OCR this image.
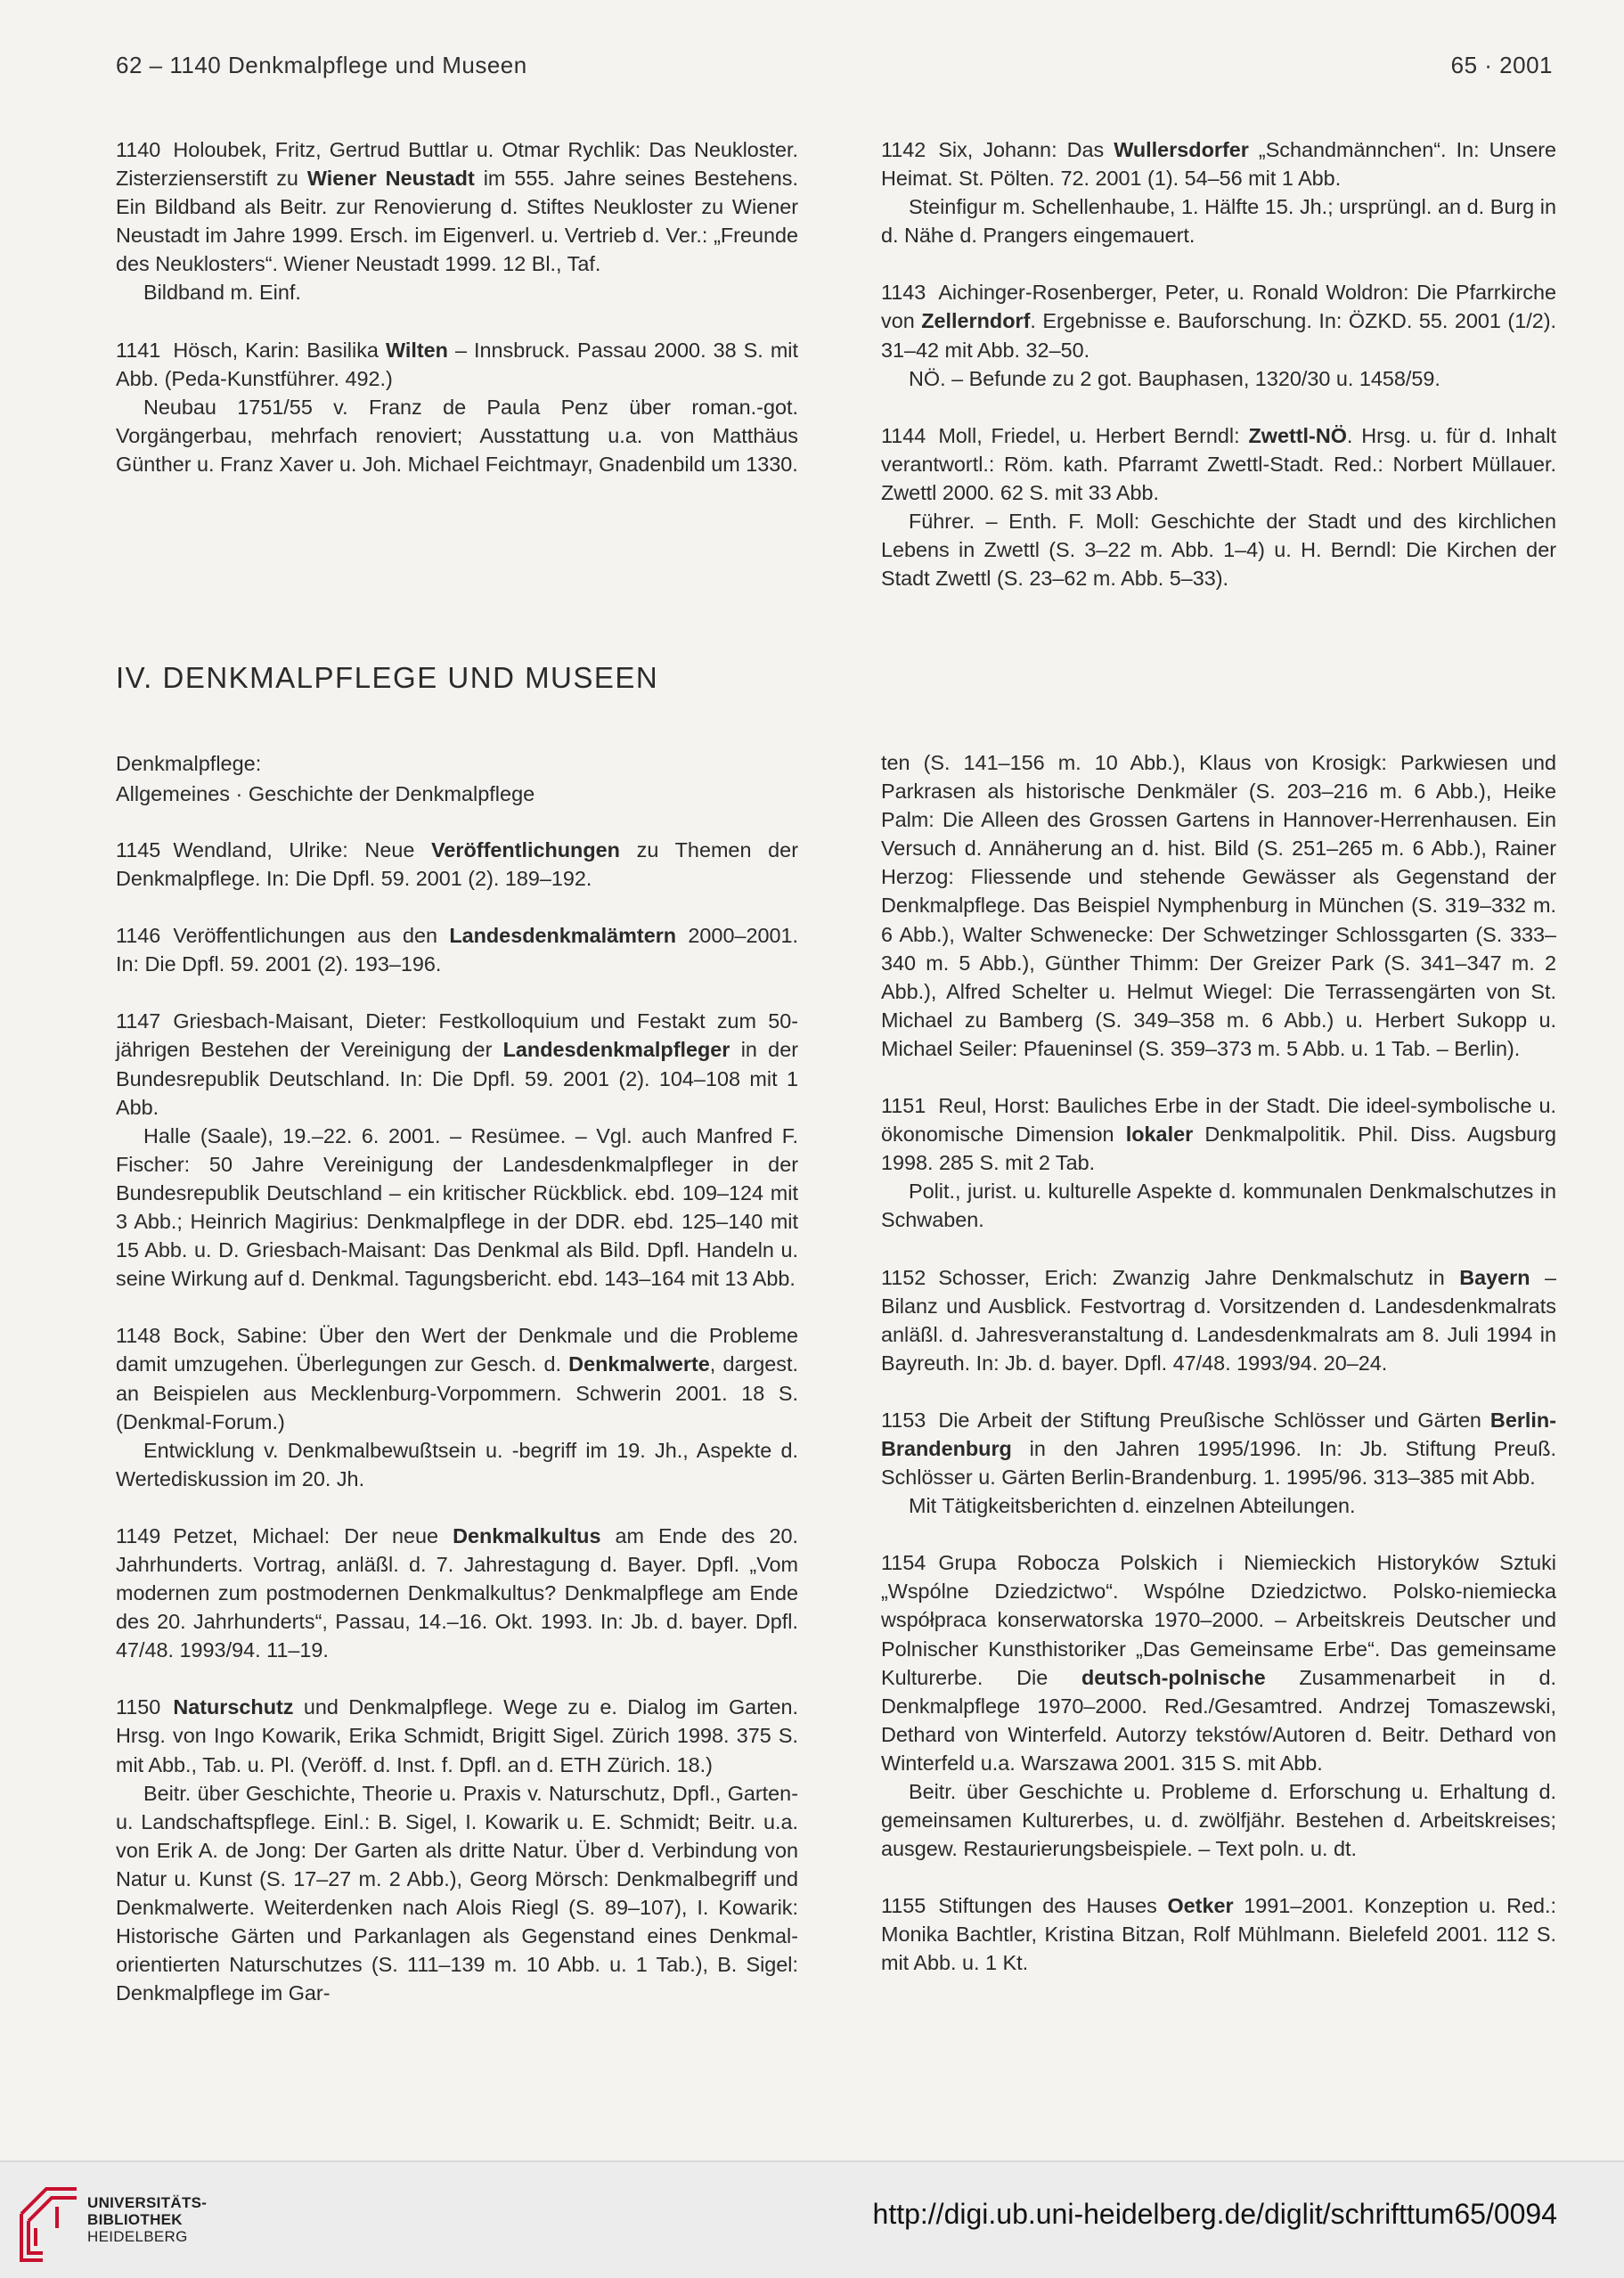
62 – 1140 Denkmalpflege und Museen	65 · 2001

1140 Holoubek, Fritz, Gertrud Buttlar u. Otmar Rychlik: Das Neukloster. Zisterzienserstift zu Wiener Neustadt im 555. Jahre seines Bestehens. Ein Bildband als Beitr. zur Renovierung d. Stiftes Neukloster zu Wiener Neustadt im Jahre 1999. Ersch. im Eigenverl. u. Vertrieb d. Ver.: „Freunde des Neuklosters“. Wiener Neustadt 1999. 12 Bl., Taf.

Bildband m. Einf.

1141 Hösch, Karin: Basilika Wilten – Innsbruck. Passau 2000. 38 S. mit Abb. (Peda-Kunstführer. 492.)

Neubau 1751/55 v. Franz de Paula Penz über roman.-got. Vorgängerbau, mehrfach renoviert; Ausstattung u.a. von Matthäus Günther u. Franz Xaver u. Joh. Michael Feichtmayr, Gnadenbild um 1330.

1142 Six, Johann: Das Wullersdorfer „Schandmännchen“. In: Unsere Heimat. St. Pölten. 72. 2001 (1). 54–56 mit 1 Abb.

Steinfigur m. Schellenhaube, 1. Hälfte 15. Jh.; ursprüngl. an d. Burg in d. Nähe d. Prangers eingemauert.

1143 Aichinger-Rosenberger, Peter, u. Ronald Woldron: Die Pfarrkirche von Zellerndorf. Ergebnisse e. Bauforschung. In: ÖZKD. 55. 2001 (1/2). 31–42 mit Abb. 32–50.

NÖ. – Befunde zu 2 got. Bauphasen, 1320/30 u. 1458/59.

1144 Moll, Friedel, u. Herbert Berndl: Zwettl-NÖ. Hrsg. u. für d. Inhalt verantwortl.: Röm. kath. Pfarramt Zwettl-Stadt. Red.: Norbert Müllauer. Zwettl 2000. 62 S. mit 33 Abb.

Führer. – Enth. F. Moll: Geschichte der Stadt und des kirchlichen Lebens in Zwettl (S. 3–22 m. Abb. 1–4) u. H. Berndl: Die Kirchen der Stadt Zwettl (S. 23–62 m. Abb. 5–33).

IV. DENKMALPFLEGE UND MUSEEN
Denkmalpflege:
Allgemeines · Geschichte der Denkmalpflege

1145 Wendland, Ulrike: Neue Veröffentlichungen zu Themen der Denkmalpflege. In: Die Dpfl. 59. 2001 (2). 189–192.

1146 Veröffentlichungen aus den Landesdenkmalämtern 2000–2001. In: Die Dpfl. 59. 2001 (2). 193–196.

1147 Griesbach-Maisant, Dieter: Festkolloquium und Festakt zum 50-jährigen Bestehen der Vereinigung der Landesdenkmalpfleger in der Bundesrepublik Deutschland. In: Die Dpfl. 59. 2001 (2). 104–108 mit 1 Abb.

Halle (Saale), 19.–22. 6. 2001. – Resümee. – Vgl. auch Manfred F. Fischer: 50 Jahre Vereinigung der Landesdenkmalpfleger in der Bundesrepublik Deutschland – ein kritischer Rückblick. ebd. 109–124 mit 3 Abb.; Heinrich Magirius: Denkmalpflege in der DDR. ebd. 125–140 mit 15 Abb. u. D. Griesbach-Maisant: Das Denkmal als Bild. Dpfl. Handeln u. seine Wirkung auf d. Denkmal. Tagungsbericht. ebd. 143–164 mit 13 Abb.

1148 Bock, Sabine: Über den Wert der Denkmale und die Probleme damit umzugehen. Überlegungen zur Gesch. d. Denkmalwerte, dargest. an Beispielen aus Mecklenburg-Vorpommern. Schwerin 2001. 18 S. (Denkmal-Forum.)

Entwicklung v. Denkmalbewußtsein u. -begriff im 19. Jh., Aspekte d. Wertediskussion im 20. Jh.

1149 Petzet, Michael: Der neue Denkmalkultus am Ende des 20. Jahrhunderts. Vortrag, anläßl. d. 7. Jahrestagung d. Bayer. Dpfl. „Vom modernen zum postmodernen Denkmalkultus? Denkmalpflege am Ende des 20. Jahrhunderts“, Passau, 14.–16. Okt. 1993. In: Jb. d. bayer. Dpfl. 47/48. 1993/94. 11–19.

1150 Naturschutz und Denkmalpflege. Wege zu e. Dialog im Garten. Hrsg. von Ingo Kowarik, Erika Schmidt, Brigitt Sigel. Zürich 1998. 375 S. mit Abb., Tab. u. Pl. (Veröff. d. Inst. f. Dpfl. an d. ETH Zürich. 18.)

Beitr. über Geschichte, Theorie u. Praxis v. Naturschutz, Dpfl., Garten- u. Landschaftspflege. Einl.: B. Sigel, I. Kowarik u. E. Schmidt; Beitr. u.a. von Erik A. de Jong: Der Garten als dritte Natur. Über d. Verbindung von Natur u. Kunst (S. 17–27 m. 2 Abb.), Georg Mörsch: Denkmalbegriff und Denkmalwerte. Weiterdenken nach Alois Riegl (S. 89–107), I. Kowarik: Historische Gärten und Parkanlagen als Gegenstand eines Denkmal-orientierten Naturschutzes (S. 111–139 m. 10 Abb. u. 1 Tab.), B. Sigel: Denkmalpflege im Gar-

ten (S. 141–156 m. 10 Abb.), Klaus von Krosigk: Parkwiesen und Parkrasen als historische Denkmäler (S. 203–216 m. 6 Abb.), Heike Palm: Die Alleen des Grossen Gartens in Hannover-Herrenhausen. Ein Versuch d. Annäherung an d. hist. Bild (S. 251–265 m. 6 Abb.), Rainer Herzog: Fliessende und stehende Gewässer als Gegenstand der Denkmalpflege. Das Beispiel Nymphenburg in München (S. 319–332 m. 6 Abb.), Walter Schwenecke: Der Schwetzinger Schlossgarten (S. 333–340 m. 5 Abb.), Günther Thimm: Der Greizer Park (S. 341–347 m. 2 Abb.), Alfred Schelter u. Helmut Wiegel: Die Terrassengärten von St. Michael zu Bamberg (S. 349–358 m. 6 Abb.) u. Herbert Sukopp u. Michael Seiler: Pfaueninsel (S. 359–373 m. 5 Abb. u. 1 Tab. – Berlin).

1151 Reul, Horst: Bauliches Erbe in der Stadt. Die ideel-symbolische u. ökonomische Dimension lokaler Denkmalpolitik. Phil. Diss. Augsburg 1998. 285 S. mit 2 Tab.

Polit., jurist. u. kulturelle Aspekte d. kommunalen Denkmalschutzes in Schwaben.

1152 Schosser, Erich: Zwanzig Jahre Denkmalschutz in Bayern – Bilanz und Ausblick. Festvortrag d. Vorsitzenden d. Landesdenkmalrats anläßl. d. Jahresveranstaltung d. Landesdenkmalrats am 8. Juli 1994 in Bayreuth. In: Jb. d. bayer. Dpfl. 47/48. 1993/94. 20–24.

1153 Die Arbeit der Stiftung Preußische Schlösser und Gärten Berlin-Brandenburg in den Jahren 1995/1996. In: Jb. Stiftung Preuß. Schlösser u. Gärten Berlin-Brandenburg. 1. 1995/96. 313–385 mit Abb.

Mit Tätigkeitsberichten d. einzelnen Abteilungen.

1154 Grupa Robocza Polskich i Niemieckich Historyków Sztuki „Wspólne Dziedzictwo“. Wspólne Dziedzictwo. Polsko-niemiecka współpraca konserwatorska 1970–2000. – Arbeitskreis Deutscher und Polnischer Kunsthistoriker „Das Gemeinsame Erbe“. Das gemeinsame Kulturerbe. Die deutsch-polnische Zusammenarbeit in d. Denkmalpflege 1970–2000. Red./Gesamtred. Andrzej Tomaszewski, Dethard von Winterfeld. Autorzy tekstów/Autoren d. Beitr. Dethard von Winterfeld u.a. Warszawa 2001. 315 S. mit Abb.

Beitr. über Geschichte u. Probleme d. Erforschung u. Erhaltung d. gemeinsamen Kulturerbes, u. d. zwölfjähr. Bestehen d. Arbeitskreises; ausgew. Restaurierungsbeispiele. – Text poln. u. dt.

1155 Stiftungen des Hauses Oetker 1991–2001. Konzeption u. Red.: Monika Bachtler, Kristina Bitzan, Rolf Mühlmann. Bielefeld 2001. 112 S. mit Abb. u. 1 Kt.

UNIVERSITÄTS-
BIBLIOTHEK
HEIDELBERG
http://digi.ub.uni-heidelberg.de/diglit/schrifttum65/0094
